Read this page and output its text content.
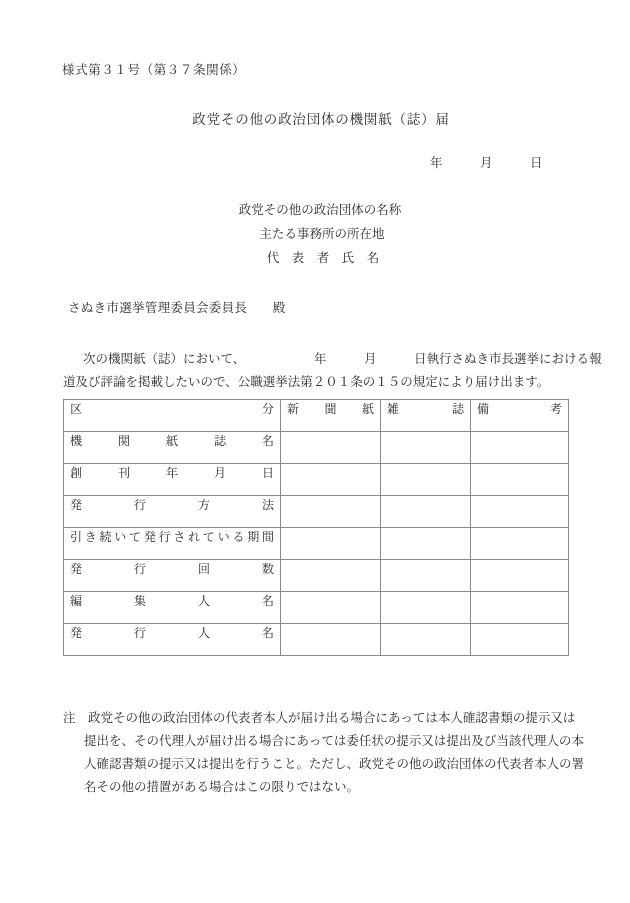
様式第３１号（第３７条関係）
政党その他の政治団体の機関紙（誌）届
年　　　月　　　日
政党その他の政治団体の名称
主たる事務所の所在地
代　表　者　氏　名
さぬき市選挙管理委員会委員長　　殿
次の機関紙（誌）において、　　　　　　年　　　月　　　日執行さぬき市長選挙における報
道及び評論を掲載したいので、公職選挙法第２０１条の１５の規定により届け出ます。
区分	新聞紙	雑誌	備考

機関紙誌名			

創刊年月日			

発行方法			

引き続いて発行されている期間			

発行回数			

編集人名			

発行人名			

注　政党その他の政治団体の代表者本人が届け出る場合にあっては本人確認書類の提示又は
提出を、その代理人が届け出る場合にあっては委任状の提示又は提出及び当該代理人の本
人確認書類の提示又は提出を行うこと。ただし、政党その他の政治団体の代表者本人の署
名その他の措置がある場合はこの限りではない。
